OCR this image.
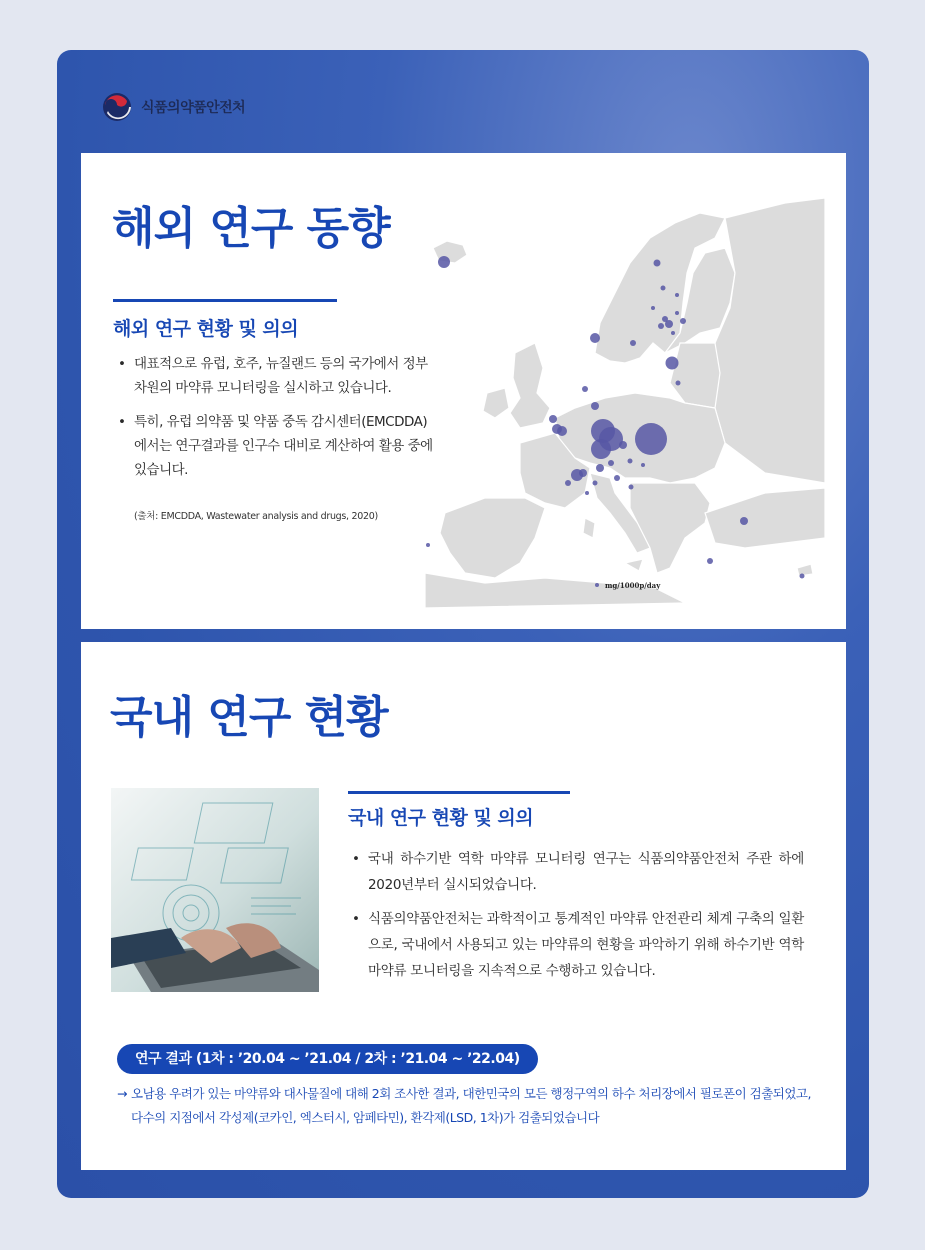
식품의약품안전처
해외 연구 동향
해외 연구 현황 및 의의
• 대표적으로 유럽, 호주, 뉴질랜드 등의 국가에서 정부 차원의 마약류 모니터링을 실시하고 있습니다.
• 특히, 유럽 의약품 및 약품 중독 감시센터(EMCDDA)에서는 연구결과를 인구수 대비로 계산하여 활용 중에 있습니다.
(출처: EMCDDA, Wastewater analysis and drugs, 2020)
mg/1000p/day
국내 연구 현황
국내 연구 현황 및 의의
• 국내 하수기반 역학 마약류 모니터링 연구는 식품의약품안전처 주관 하에 2020년부터 실시되었습니다.
• 식품의약품안전처는 과학적이고 통계적인 마약류 안전관리 체계 구축의 일환으로, 국내에서 사용되고 있는 마약류의 현황을 파악하기 위해 하수기반 역학 마약류 모니터링을 지속적으로 수행하고 있습니다.
연구 결과 (1차 : ’20.04 ~ ’21.04 / 2차 : ’21.04 ~ ’22.04)
→ 오남용 우려가 있는 마약류와 대사물질에 대해 2회 조사한 결과, 대한민국의 모든 행정구역의 하수 처리장에서 필로폰이 검출되었고, 다수의 지점에서 각성제(코카인, 엑스터시, 암페타민), 환각제(LSD, 1차)가 검출되었습니다
